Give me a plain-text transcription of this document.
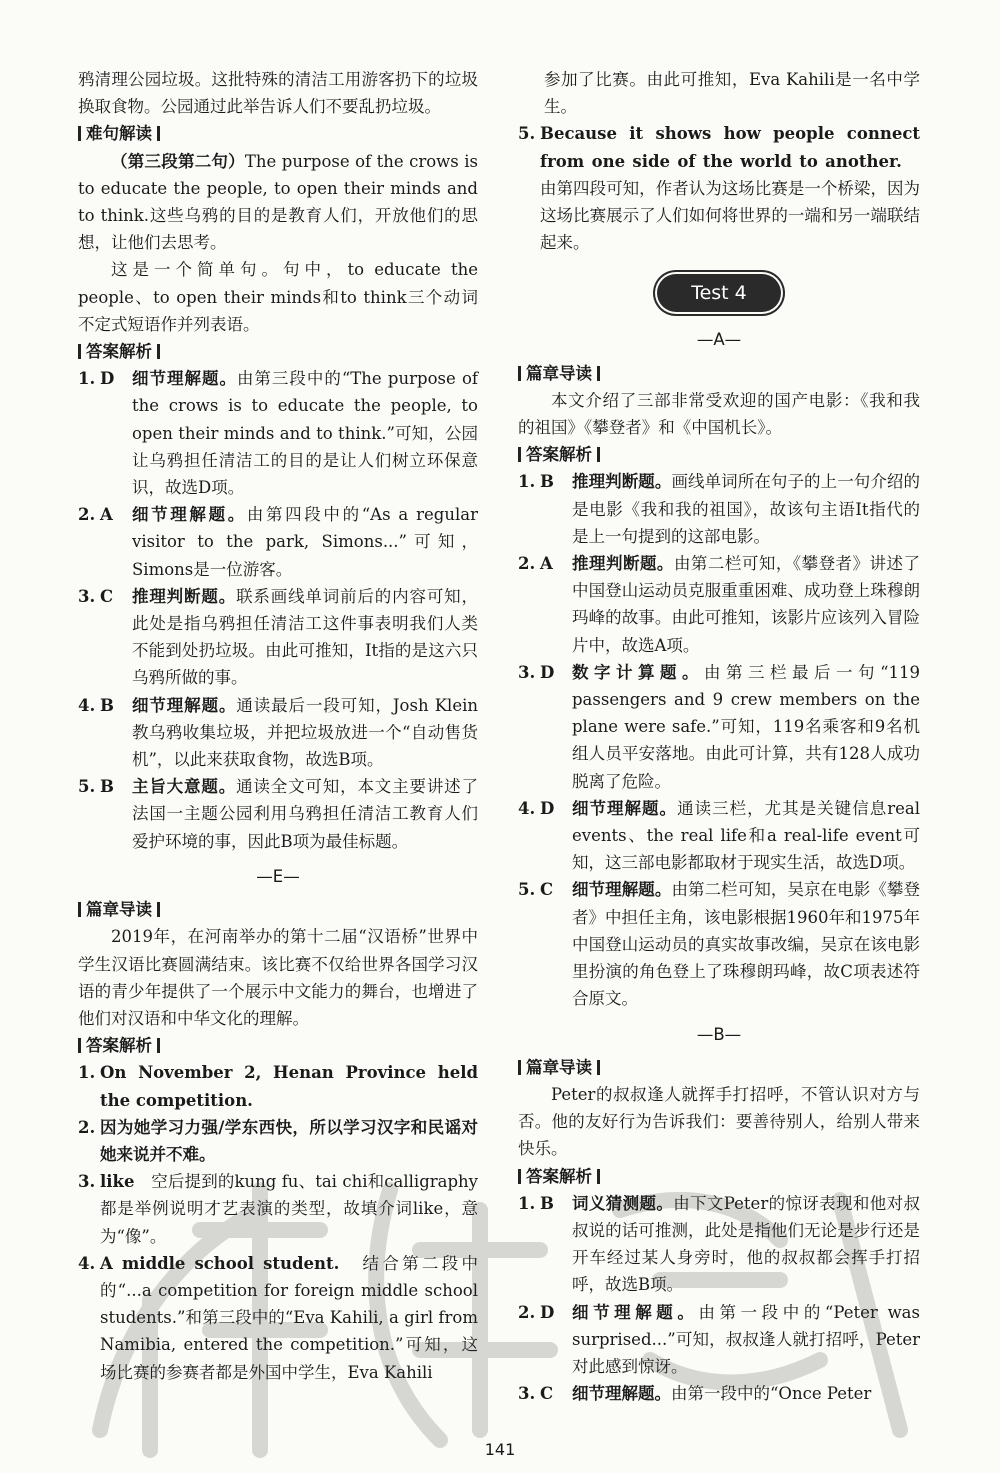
鸦清理公园垃圾。这批特殊的清洁工用游客扔下的垃圾换取食物。公园通过此举告诉人们不要乱扔垃圾。

难句解读

（第三段第二句）The purpose of the crows is to educate the people, to open their minds and to think.这些乌鸦的目的是教育人们，开放他们的思想，让他们去思考。

这是一个简单句。句中，to educate the people、to open their minds和to think三个动词不定式短语作并列表语。

答案解析
1. D	细节理解题。由第三段中的“The purpose of the crows is to educate the people, to open their minds and to think.”可知，公园让乌鸦担任清洁工的目的是让人们树立环保意识，故选D项。
2. A	细节理解题。由第四段中的“As a regular visitor to the park, Simons...”可知，Simons是一位游客。
3. C	推理判断题。联系画线单词前后的内容可知，此处是指乌鸦担任清洁工这件事表明我们人类不能到处扔垃圾。由此可推知，It指的是这六只乌鸦所做的事。
4. B	细节理解题。通读最后一段可知，Josh Klein教乌鸦收集垃圾，并把垃圾放进一个“自动售货机”，以此来获取食物，故选B项。
5. B	主旨大意题。通读全文可知，本文主要讲述了法国一主题公园利用乌鸦担任清洁工教育人们爱护环境的事，因此B项为最佳标题。
—E—
篇章导读

2019年，在河南举办的第十二届“汉语桥”世界中学生汉语比赛圆满结束。该比赛不仅给世界各国学习汉语的青少年提供了一个展示中文能力的舞台，也增进了他们对汉语和中华文化的理解。

答案解析
1. On November 2, Henan Province held the competition.
2. 因为她学习力强/学东西快，所以学习汉字和民谣对她来说并不难。
3. like　空后提到的kung fu、tai chi和calligraphy都是举例说明才艺表演的类型，故填介词like，意为“像”。
4. A middle school student.　结合第二段中的“...a competition for foreign middle school students.”和第三段中的“Eva Kahili, a girl from Namibia, entered the competition.”可知，这场比赛的参赛者都是外国中学生，Eva Kahili

参加了比赛。由此可推知，Eva Kahili是一名中学生。

5. Because it shows how people connect from one side of the world to another.　由第四段可知，作者认为这场比赛是一个桥梁，因为这场比赛展示了人们如何将世界的一端和另一端联结起来。
Test 4
—A—
篇章导读

本文介绍了三部非常受欢迎的国产电影：《我和我的祖国》《攀登者》和《中国机长》。

答案解析
1. B	推理判断题。画线单词所在句子的上一句介绍的是电影《我和我的祖国》，故该句主语It指代的是上一句提到的这部电影。
2. A	推理判断题。由第二栏可知，《攀登者》讲述了中国登山运动员克服重重困难、成功登上珠穆朗玛峰的故事。由此可推知，该影片应该列入冒险片中，故选A项。
3. D	数字计算题。由第三栏最后一句“119 passengers and 9 crew members on the plane were safe.”可知，119名乘客和9名机组人员平安落地。由此可计算，共有128人成功脱离了危险。
4. D	细节理解题。通读三栏，尤其是关键信息real events、the real life和a real-life event可知，这三部电影都取材于现实生活，故选D项。
5. C	细节理解题。由第二栏可知，吴京在电影《攀登者》中担任主角，该电影根据1960年和1975年中国登山运动员的真实故事改编，吴京在该电影里扮演的角色登上了珠穆朗玛峰，故C项表述符合原文。
—B—
篇章导读

Peter的叔叔逢人就挥手打招呼，不管认识对方与否。他的友好行为告诉我们：要善待别人，给别人带来快乐。

答案解析
1. B	词义猜测题。由下文Peter的惊讶表现和他对叔叔说的话可推测，此处是指他们无论是步行还是开车经过某人身旁时，他的叔叔都会挥手打招呼，故选B项。
2. D	细节理解题。由第一段中的“Peter was surprised...”可知，叔叔逢人就打招呼，Peter对此感到惊讶。
3. C	细节理解题。由第一段中的“Once Peter
141
